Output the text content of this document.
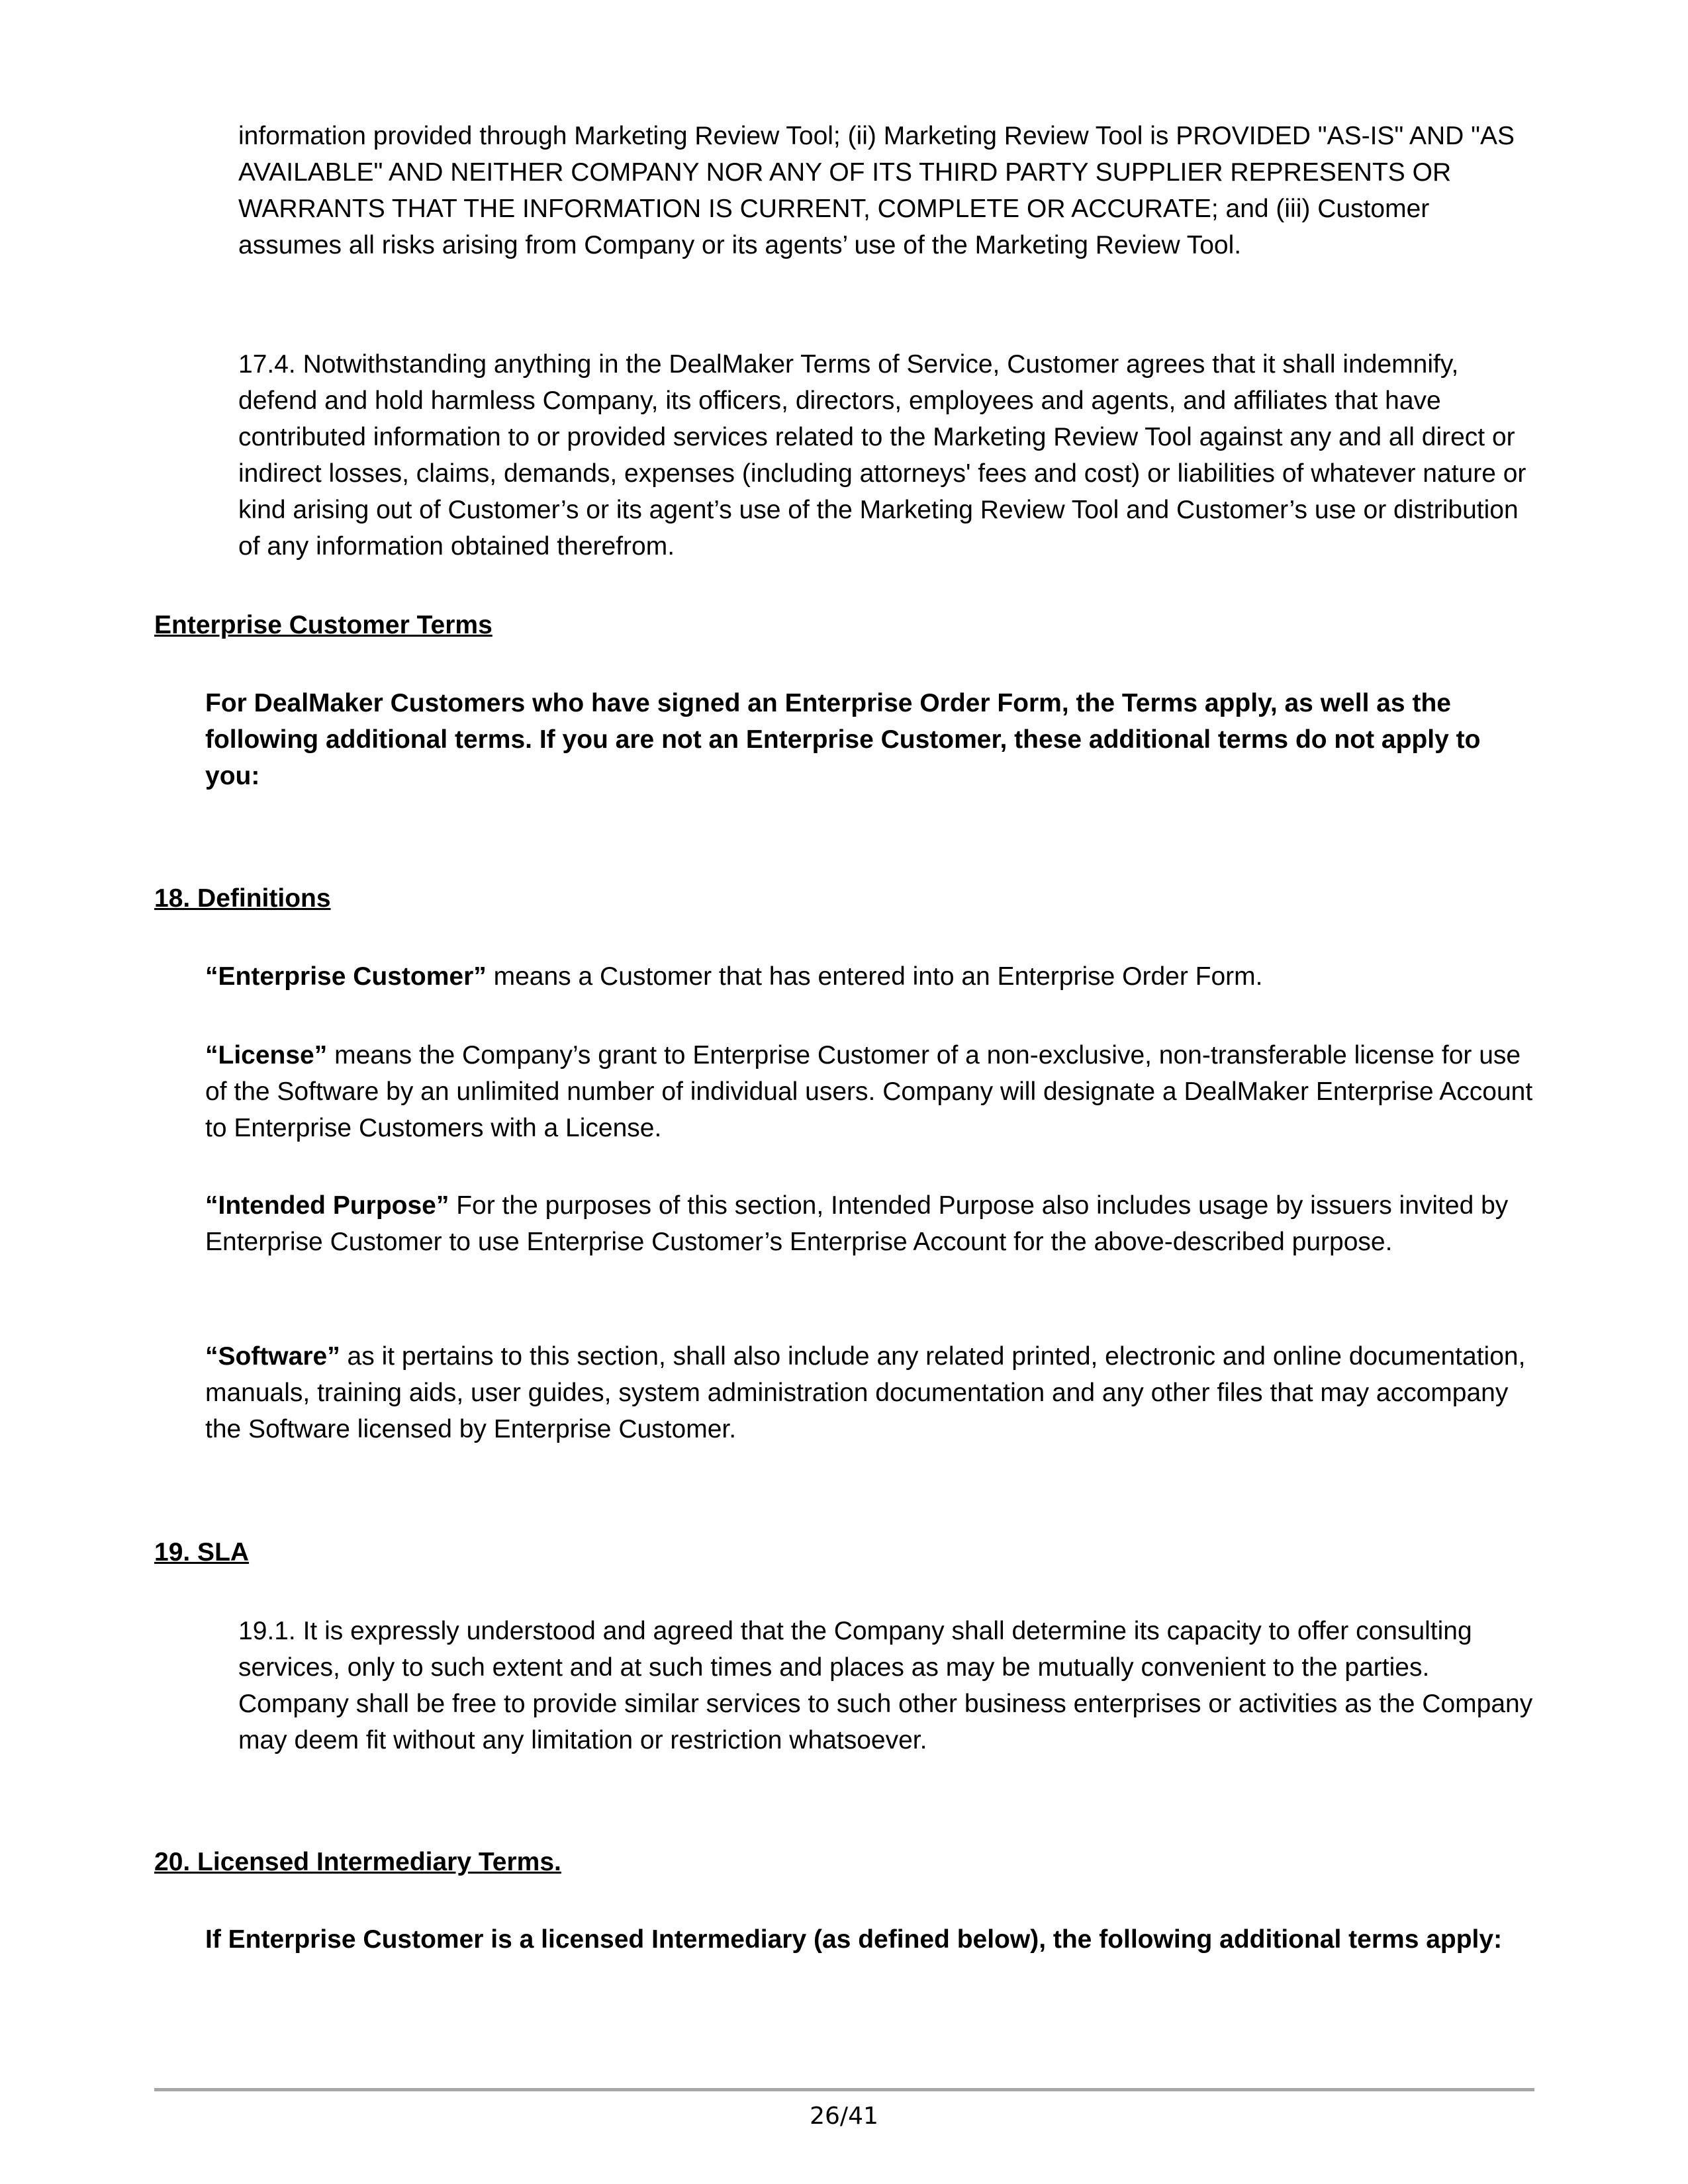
information provided through Marketing Review Tool; (ii) Marketing Review Tool is PROVIDED "AS-IS" AND "AS AVAILABLE" AND NEITHER COMPANY NOR ANY OF ITS THIRD PARTY SUPPLIER REPRESENTS OR WARRANTS THAT THE INFORMATION IS CURRENT, COMPLETE OR ACCURATE; and (iii) Customer assumes all risks arising from Company or its agents’ use of the Marketing Review Tool.

17.4. Notwithstanding anything in the DealMaker Terms of Service, Customer agrees that it shall indemnify, defend and hold harmless Company, its officers, directors, employees and agents, and affiliates that have contributed information to or provided services related to the Marketing Review Tool against any and all direct or indirect losses, claims, demands, expenses (including attorneys' fees and cost) or liabilities of whatever nature or kind arising out of Customer’s or its agent’s use of the Marketing Review Tool and Customer’s use or distribution of any information obtained therefrom.

Enterprise Customer Terms

For DealMaker Customers who have signed an Enterprise Order Form, the Terms apply, as well as the following additional terms. If you are not an Enterprise Customer, these additional terms do not apply to you:

18. Definitions

“Enterprise Customer” means a Customer that has entered into an Enterprise Order Form.

“License” means the Company’s grant to Enterprise Customer of a non-exclusive, non-transferable license for use of the Software by an unlimited number of individual users. Company will designate a DealMaker Enterprise Account to Enterprise Customers with a License.

“Intended Purpose” For the purposes of this section, Intended Purpose also includes usage by issuers invited by Enterprise Customer to use Enterprise Customer’s Enterprise Account for the above-described purpose.

“Software” as it pertains to this section, shall also include any related printed, electronic and online documentation, manuals, training aids, user guides, system administration documentation and any other files that may accompany the Software licensed by Enterprise Customer.

19. SLA

19.1. It is expressly understood and agreed that the Company shall determine its capacity to offer consulting services, only to such extent and at such times and places as may be mutually convenient to the parties. Company shall be free to provide similar services to such other business enterprises or activities as the Company may deem fit without any limitation or restriction whatsoever.

20. Licensed Intermediary Terms.

If Enterprise Customer is a licensed Intermediary (as defined below), the following additional terms apply:

26/41
